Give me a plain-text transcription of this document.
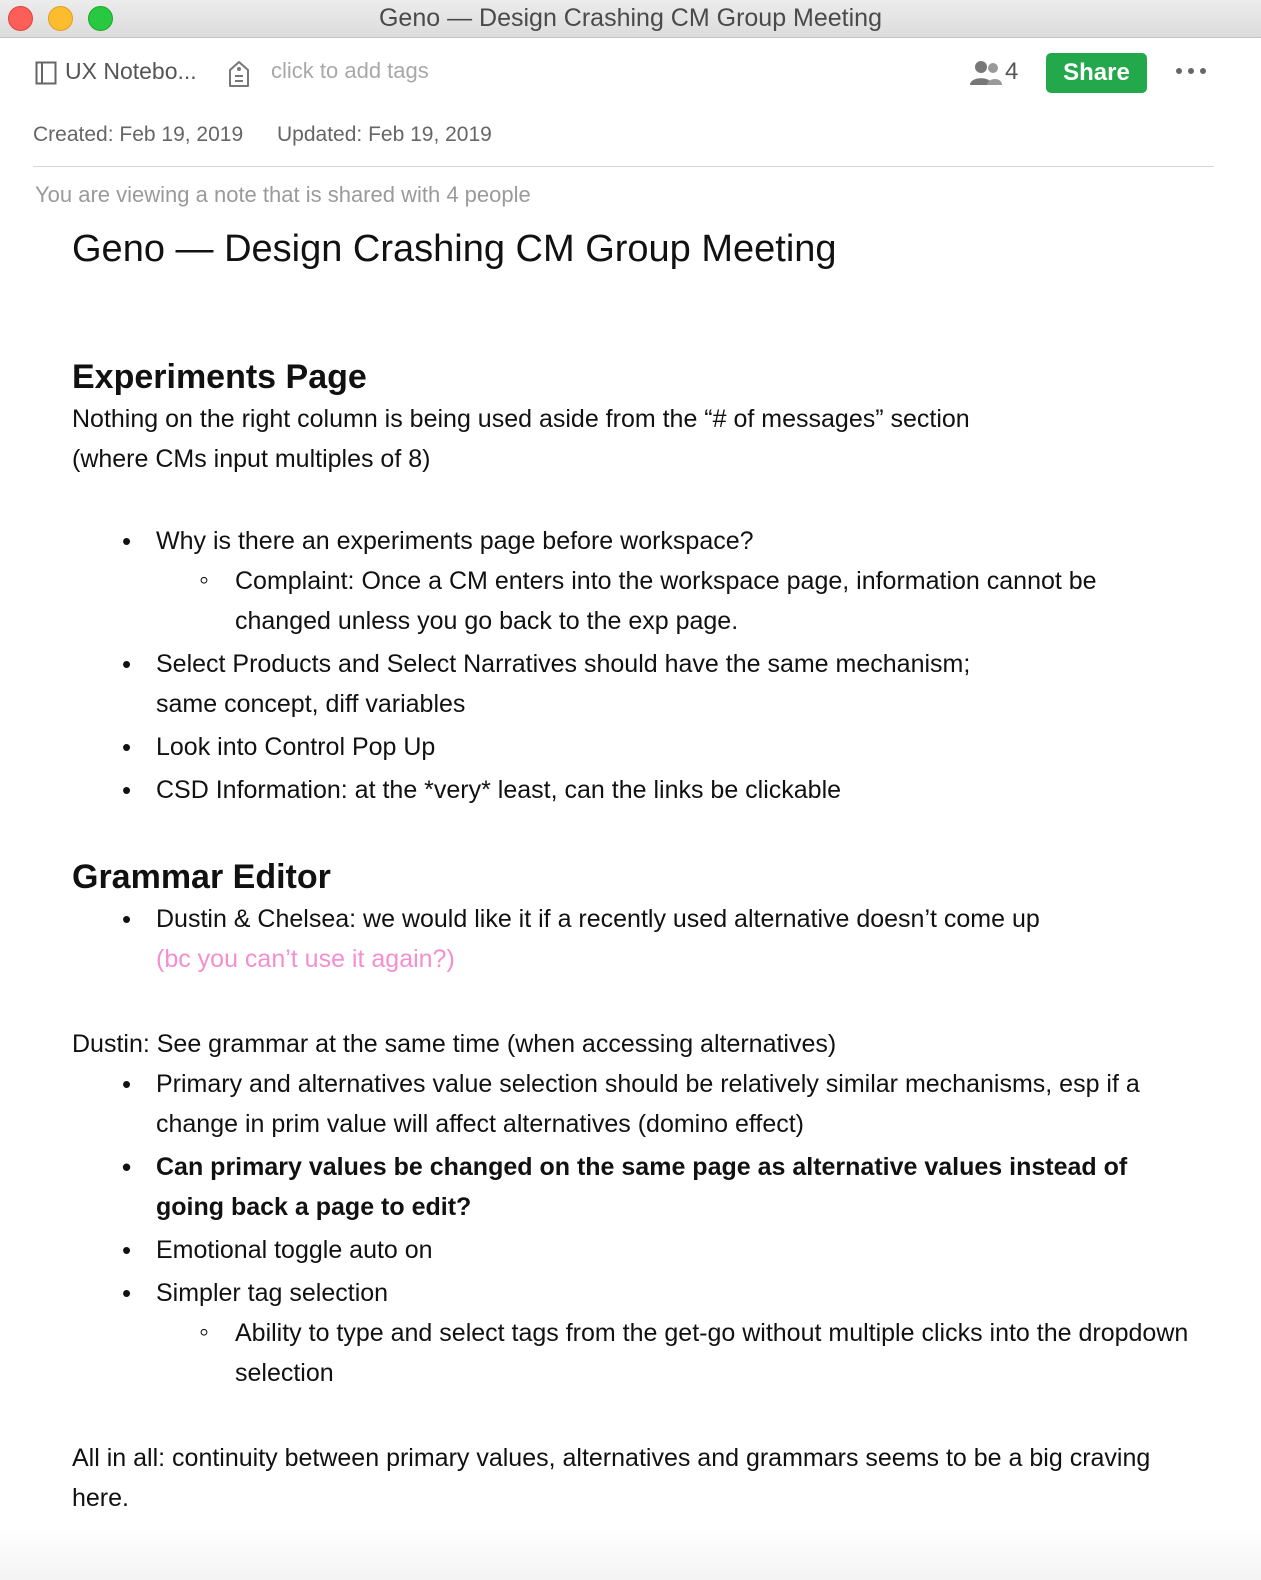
Geno — Design Crashing CM Group Meeting
UX Notebo...	click to add tags	4	Share
Created: Feb 19, 2019 Updated: Feb 19, 2019
You are viewing a note that is shared with 4 people
Geno — Design Crashing CM Group Meeting
Experiments Page

Nothing on the right column is being used aside from the “# of messages” section

(where CMs input multiples of 8)

• Why is there an experiments page before workspace?
◦ Complaint: Once a CM enters into the workspace page, information cannot be changed unless you go back to the exp page.
• Select Products and Select Narratives should have the same mechanism;
same concept, diff variables
• Look into Control Pop Up
• CSD Information: at the *very* least, can the links be clickable
Grammar Editor
• Dustin & Chelsea: we would like it if a recently used alternative doesn’t come up
(bc you can’t use it again?)

Dustin: See grammar at the same time (when accessing alternatives)

• Primary and alternatives value selection should be relatively similar mechanisms, esp if a change in prim value will affect alternatives (domino effect)
• Can primary values be changed on the same page as alternative values instead of going back a page to edit?
• Emotional toggle auto on
• Simpler tag selection
◦ Ability to type and select tags from the get-go without multiple clicks into the dropdown selection

All in all: continuity between primary values, alternatives and grammars seems to be a big craving here.
